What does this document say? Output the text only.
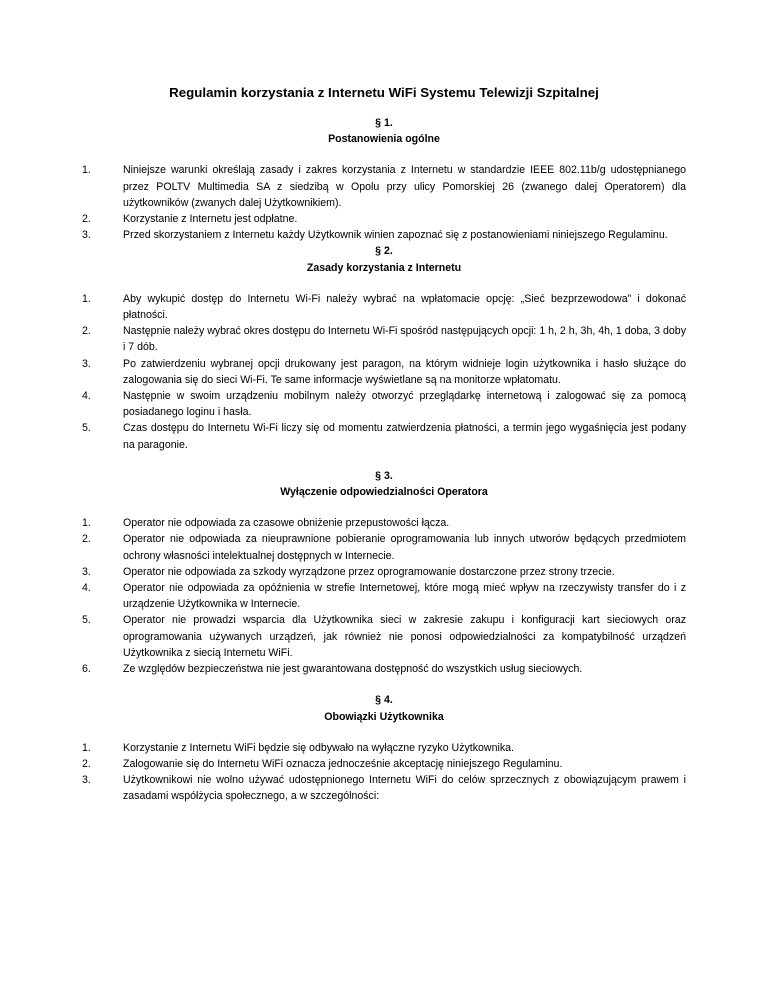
Regulamin korzystania z Internetu WiFi Systemu Telewizji Szpitalnej
§ 1.
Postanowienia ogólne
1.	Niniejsze warunki określają zasady i zakres korzystania z Internetu w standardzie IEEE 802.11b/g udostępnianego przez POLTV Multimedia SA z siedzibą w Opolu przy ulicy Pomorskiej 26 (zwanego dalej Operatorem) dla użytkowników (zwanych dalej Użytkownikiem).
2.	Korzystanie z Internetu jest odpłatne.
3.	Przed skorzystaniem z Internetu każdy Użytkownik winien zapoznać się z postanowieniami niniejszego Regulaminu.
§ 2.
Zasady korzystania z Internetu
1.	Aby wykupić dostęp do Internetu Wi-Fi należy wybrać na wpłatomacie opcję: „Sieć bezprzewodowa” i dokonać płatności.
2.	Następnie należy wybrać okres dostępu do Internetu Wi-Fi spośród następujących opcji: 1 h, 2 h, 3h, 4h, 1 doba, 3 doby i 7 dób.
3.	Po zatwierdzeniu wybranej opcji drukowany jest paragon, na którym widnieje login użytkownika i hasło służące do zalogowania się do sieci Wi-Fi. Te same informacje wyświetlane są na monitorze wpłatomatu.
4.	Następnie w swoim urządzeniu mobilnym należy otworzyć przeglądarkę internetową i zalogować się za pomocą posiadanego loginu i hasła.
5.	Czas dostępu do Internetu Wi-Fi liczy się od momentu zatwierdzenia płatności, a termin jego wygaśnięcia jest podany na paragonie.
§ 3.
Wyłączenie odpowiedzialności Operatora
1.	Operator nie odpowiada za czasowe obniżenie przepustowości łącza.
2.	Operator nie odpowiada za nieuprawnione pobieranie oprogramowania lub innych utworów będących przedmiotem ochrony własności intelektualnej dostępnych w Internecie.
3.	Operator nie odpowiada za szkody wyrządzone przez oprogramowanie dostarczone przez strony trzecie.
4.	Operator nie odpowiada za opóźnienia w strefie Internetowej, które mogą mieć wpływ na rzeczywisty transfer do i z urządzenie Użytkownika w Internecie.
5.	Operator nie prowadzi wsparcia dla Użytkownika sieci w zakresie zakupu i konfiguracji kart sieciowych oraz oprogramowania używanych urządzeń, jak również nie ponosi odpowiedzialności za kompatybilność urządzeń Użytkownika z siecią Internetu WiFi.
6.	Ze względów bezpieczeństwa nie jest gwarantowana dostępność do wszystkich usług sieciowych.
§ 4.
Obowiązki Użytkownika
1.	Korzystanie z Internetu WiFi będzie się odbywało na wyłączne ryzyko Użytkownika.
2.	Zalogowanie się do Internetu WiFi oznacza jednocześnie akceptację niniejszego Regulaminu.
3.	Użytkownikowi nie wolno używać udostępnionego Internetu WiFi do celów sprzecznych z obowiązującym prawem i zasadami współżycia społecznego, a w szczególności:
